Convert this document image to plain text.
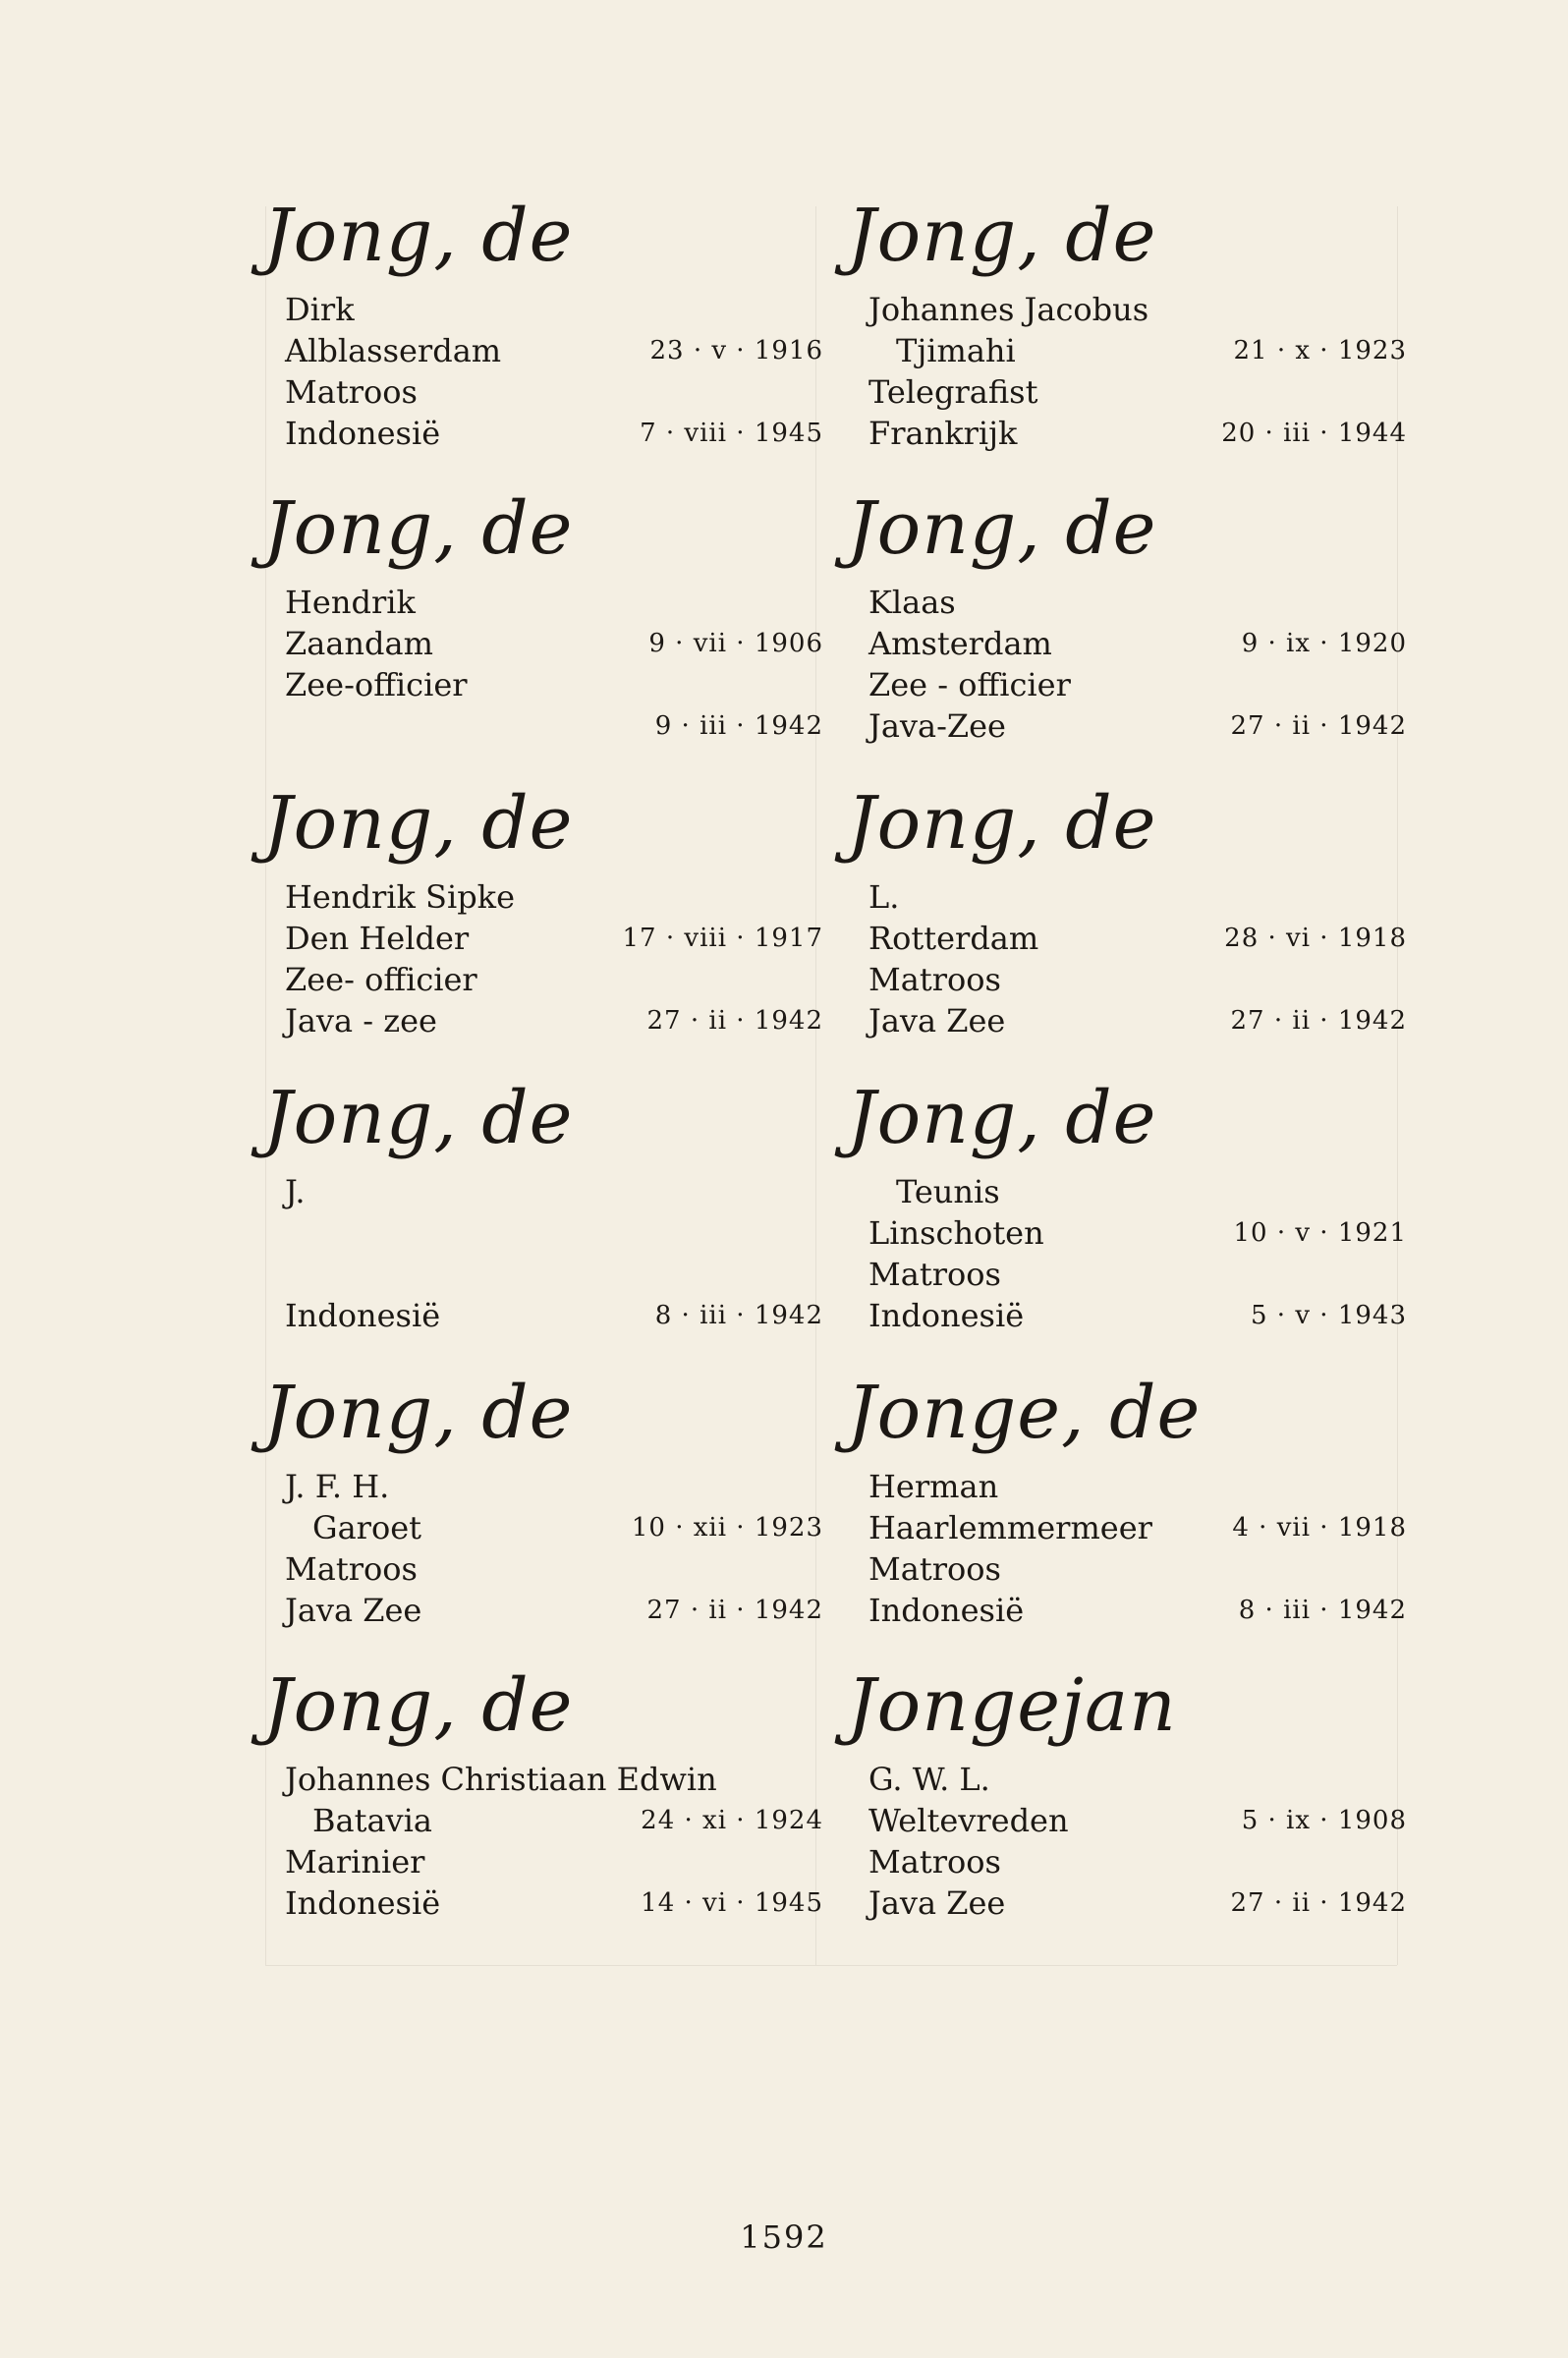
Jong, de
Dirk
Alblasserdam	23 · v · 1916
Matroos
Indonesië	7 · viii · 1945
Jong, de
Hendrik
Zaandam	9 · vii · 1906
Zee-officier
9 · iii · 1942
Jong, de
Hendrik Sipke
Den Helder	17 · viii · 1917
Zee- officier
Java - zee	27 · ii · 1942
Jong, de
J.
Indonesië	8 · iii · 1942
Jong, de
J. F. H.
Garoet	10 · xii · 1923
Matroos
Java Zee	27 · ii · 1942
Jong, de
Johannes Christiaan Edwin
Batavia	24 · xi · 1924
Marinier
Indonesië	14 · vi · 1945
Jong, de
Johannes Jacobus
Tjimahi	21 · x · 1923
Telegrafist
Frankrijk	20 · iii · 1944
Jong, de
Klaas
Amsterdam	9 · ix · 1920
Zee - officier
Java-Zee	27 · ii · 1942
Jong, de
L.
Rotterdam	28 · vi · 1918
Matroos
Java Zee	27 · ii · 1942
Jong, de
Teunis
Linschoten	10 · v · 1921
Matroos
Indonesië	5 · v · 1943
Jonge, de
Herman
Haarlemmermeer	4 · vii · 1918
Matroos
Indonesië	8 · iii · 1942
Jongejan
G. W. L.
Weltevreden	5 · ix · 1908
Matroos
Java Zee	27 · ii · 1942
1592
